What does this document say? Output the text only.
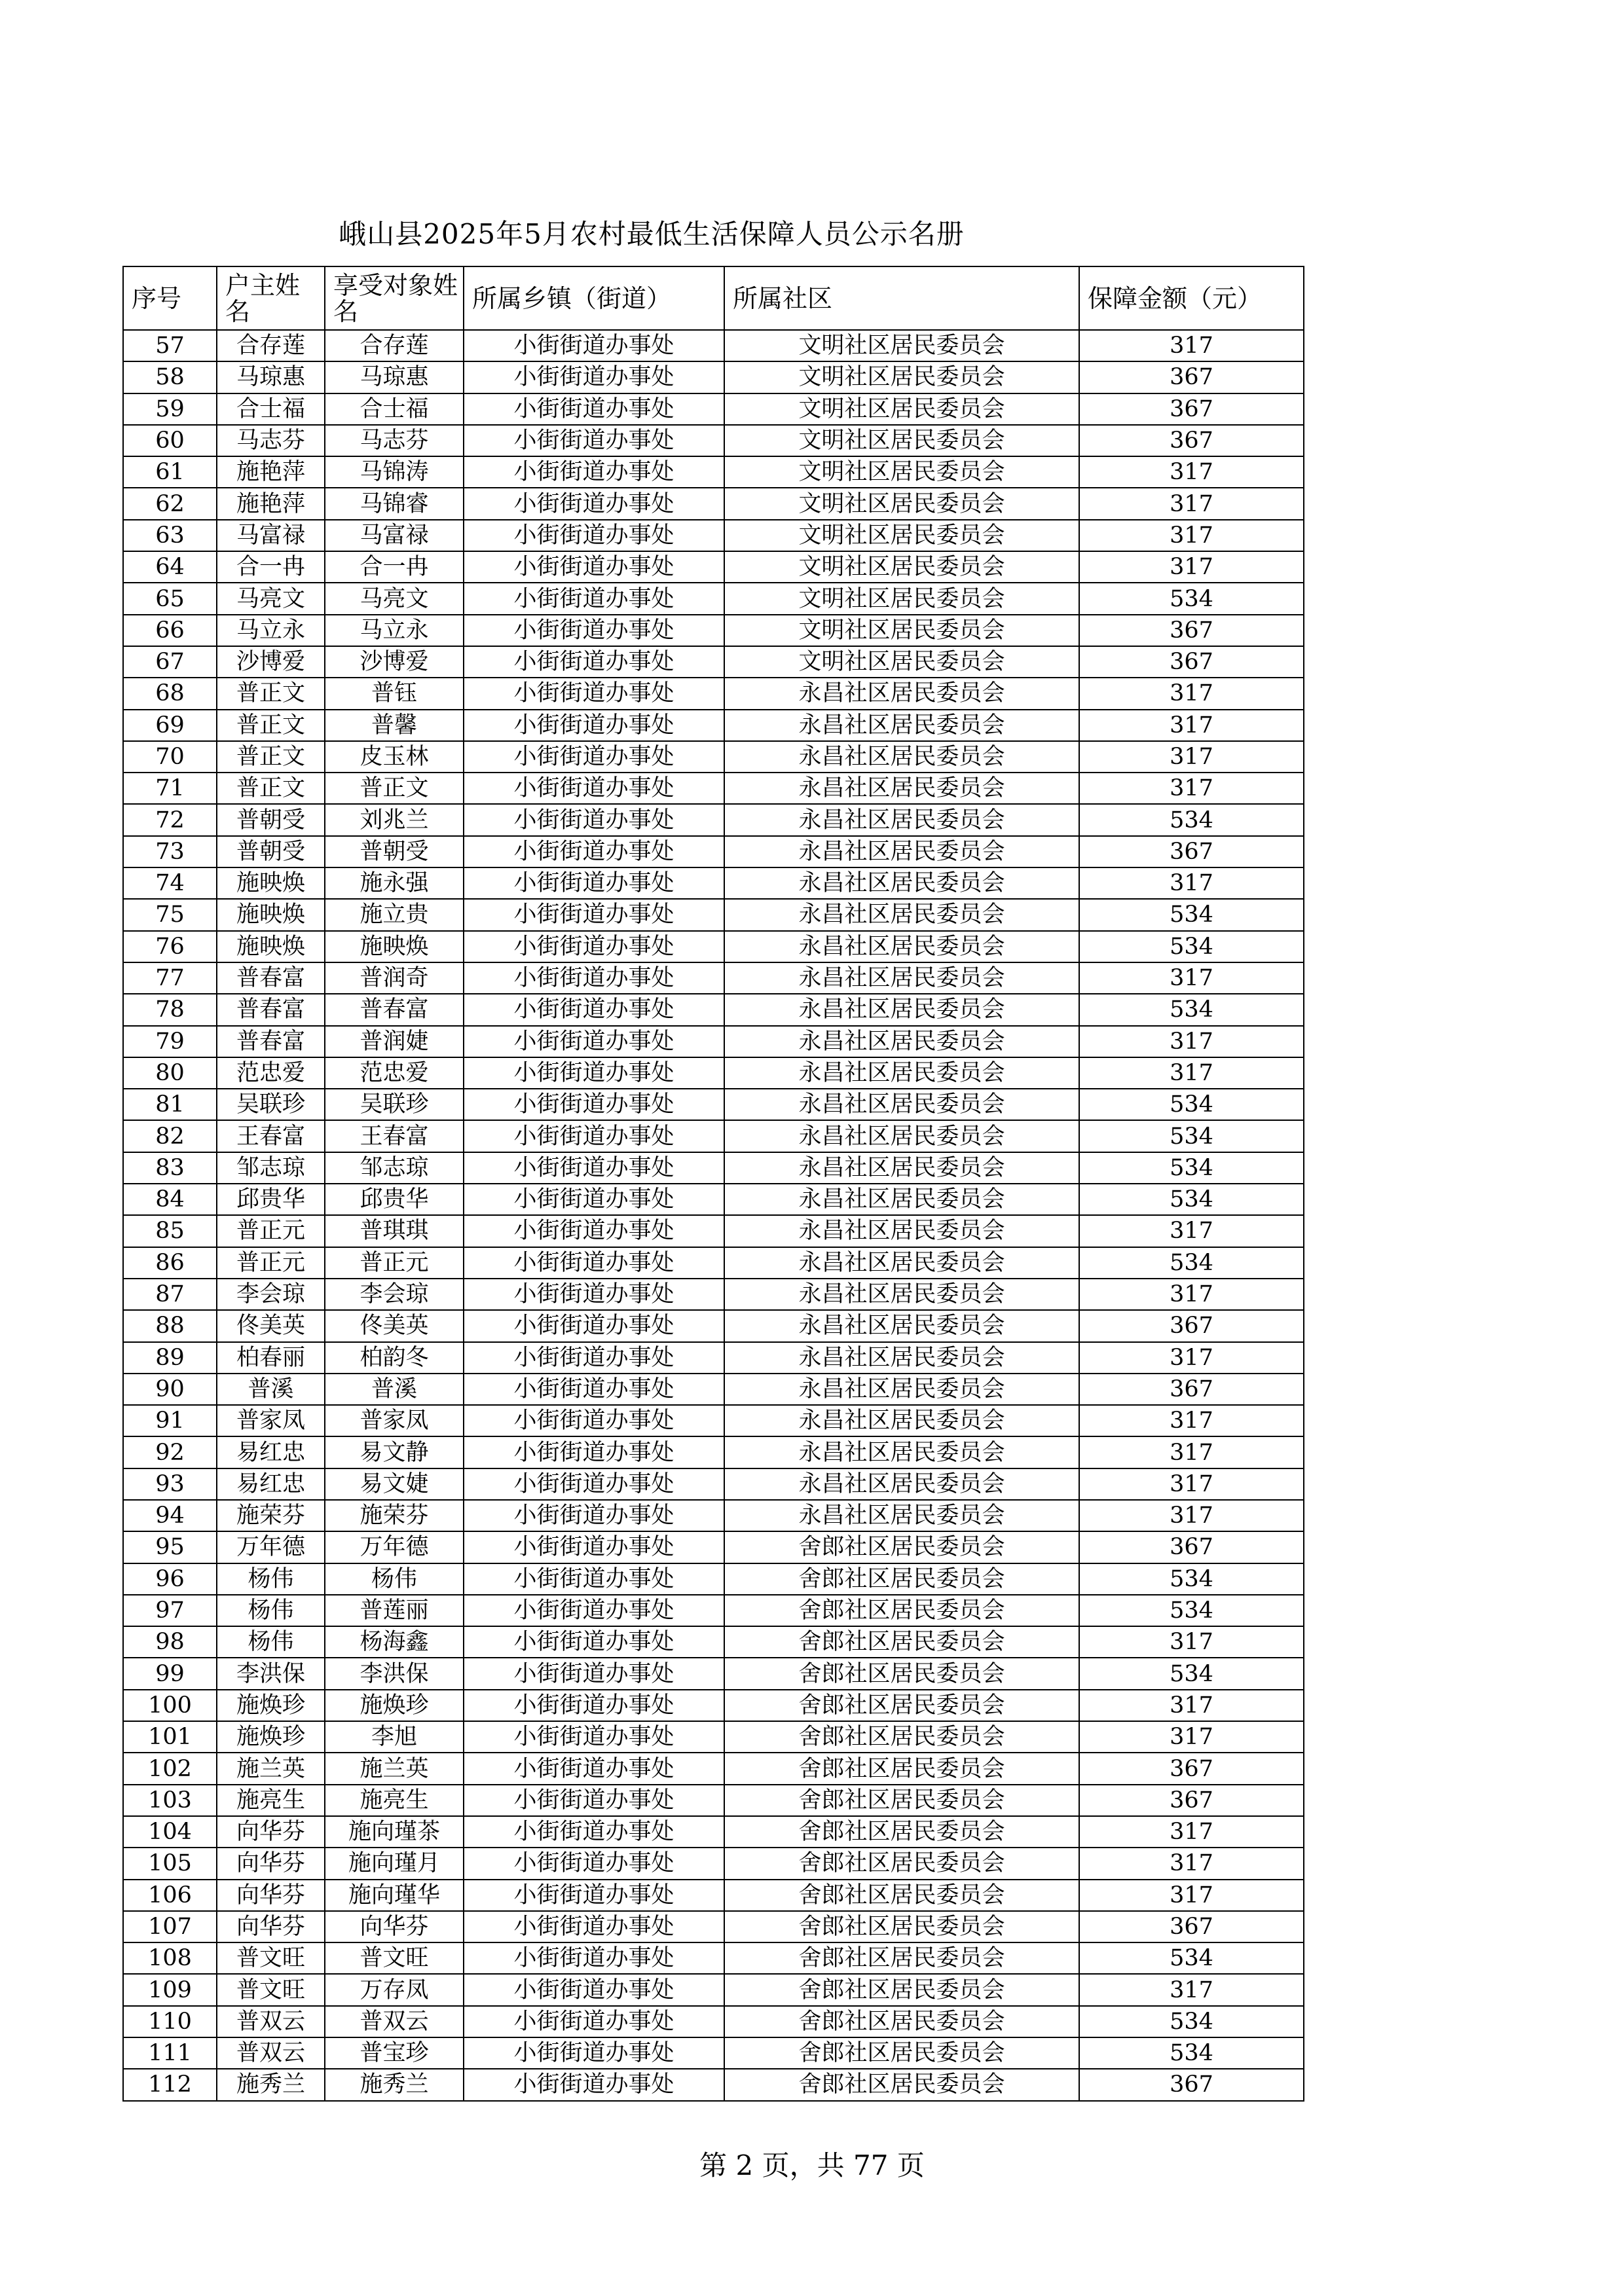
峨山县2025年5月农村最低生活保障人员公示名册
序号	户主姓名	享受对象姓名	所属乡镇（街道）	所属社区	保障金额（元）
57	合存莲	合存莲	小街街道办事处	文明社区居民委员会	317
58	马琼惠	马琼惠	小街街道办事处	文明社区居民委员会	367
59	合士福	合士福	小街街道办事处	文明社区居民委员会	367
60	马志芬	马志芬	小街街道办事处	文明社区居民委员会	367
61	施艳萍	马锦涛	小街街道办事处	文明社区居民委员会	317
62	施艳萍	马锦睿	小街街道办事处	文明社区居民委员会	317
63	马富禄	马富禄	小街街道办事处	文明社区居民委员会	317
64	合一冉	合一冉	小街街道办事处	文明社区居民委员会	317
65	马亮文	马亮文	小街街道办事处	文明社区居民委员会	534
66	马立永	马立永	小街街道办事处	文明社区居民委员会	367
67	沙博爱	沙博爱	小街街道办事处	文明社区居民委员会	367
68	普正文	普钰	小街街道办事处	永昌社区居民委员会	317
69	普正文	普馨	小街街道办事处	永昌社区居民委员会	317
70	普正文	皮玉林	小街街道办事处	永昌社区居民委员会	317
71	普正文	普正文	小街街道办事处	永昌社区居民委员会	317
72	普朝受	刘兆兰	小街街道办事处	永昌社区居民委员会	534
73	普朝受	普朝受	小街街道办事处	永昌社区居民委员会	367
74	施映焕	施永强	小街街道办事处	永昌社区居民委员会	317
75	施映焕	施立贵	小街街道办事处	永昌社区居民委员会	534
76	施映焕	施映焕	小街街道办事处	永昌社区居民委员会	534
77	普春富	普润奇	小街街道办事处	永昌社区居民委员会	317
78	普春富	普春富	小街街道办事处	永昌社区居民委员会	534
79	普春富	普润婕	小街街道办事处	永昌社区居民委员会	317
80	范忠爱	范忠爱	小街街道办事处	永昌社区居民委员会	317
81	吴联珍	吴联珍	小街街道办事处	永昌社区居民委员会	534
82	王春富	王春富	小街街道办事处	永昌社区居民委员会	534
83	邹志琼	邹志琼	小街街道办事处	永昌社区居民委员会	534
84	邱贵华	邱贵华	小街街道办事处	永昌社区居民委员会	534
85	普正元	普琪琪	小街街道办事处	永昌社区居民委员会	317
86	普正元	普正元	小街街道办事处	永昌社区居民委员会	534
87	李会琼	李会琼	小街街道办事处	永昌社区居民委员会	317
88	佟美英	佟美英	小街街道办事处	永昌社区居民委员会	367
89	柏春丽	柏韵冬	小街街道办事处	永昌社区居民委员会	317
90	普溪	普溪	小街街道办事处	永昌社区居民委员会	367
91	普家凤	普家凤	小街街道办事处	永昌社区居民委员会	317
92	易红忠	易文静	小街街道办事处	永昌社区居民委员会	317
93	易红忠	易文婕	小街街道办事处	永昌社区居民委员会	317
94	施荣芬	施荣芬	小街街道办事处	永昌社区居民委员会	317
95	万年德	万年德	小街街道办事处	舍郎社区居民委员会	367
96	杨伟	杨伟	小街街道办事处	舍郎社区居民委员会	534
97	杨伟	普莲丽	小街街道办事处	舍郎社区居民委员会	534
98	杨伟	杨海鑫	小街街道办事处	舍郎社区居民委员会	317
99	李洪保	李洪保	小街街道办事处	舍郎社区居民委员会	534
100	施焕珍	施焕珍	小街街道办事处	舍郎社区居民委员会	317
101	施焕珍	李旭	小街街道办事处	舍郎社区居民委员会	317
102	施兰英	施兰英	小街街道办事处	舍郎社区居民委员会	367
103	施亮生	施亮生	小街街道办事处	舍郎社区居民委员会	367
104	向华芬	施向瑾茶	小街街道办事处	舍郎社区居民委员会	317
105	向华芬	施向瑾月	小街街道办事处	舍郎社区居民委员会	317
106	向华芬	施向瑾华	小街街道办事处	舍郎社区居民委员会	317
107	向华芬	向华芬	小街街道办事处	舍郎社区居民委员会	367
108	普文旺	普文旺	小街街道办事处	舍郎社区居民委员会	534
109	普文旺	万存凤	小街街道办事处	舍郎社区居民委员会	317
110	普双云	普双云	小街街道办事处	舍郎社区居民委员会	534
111	普双云	普宝珍	小街街道办事处	舍郎社区居民委员会	534
112	施秀兰	施秀兰	小街街道办事处	舍郎社区居民委员会	367
第 2 页，共 77 页
